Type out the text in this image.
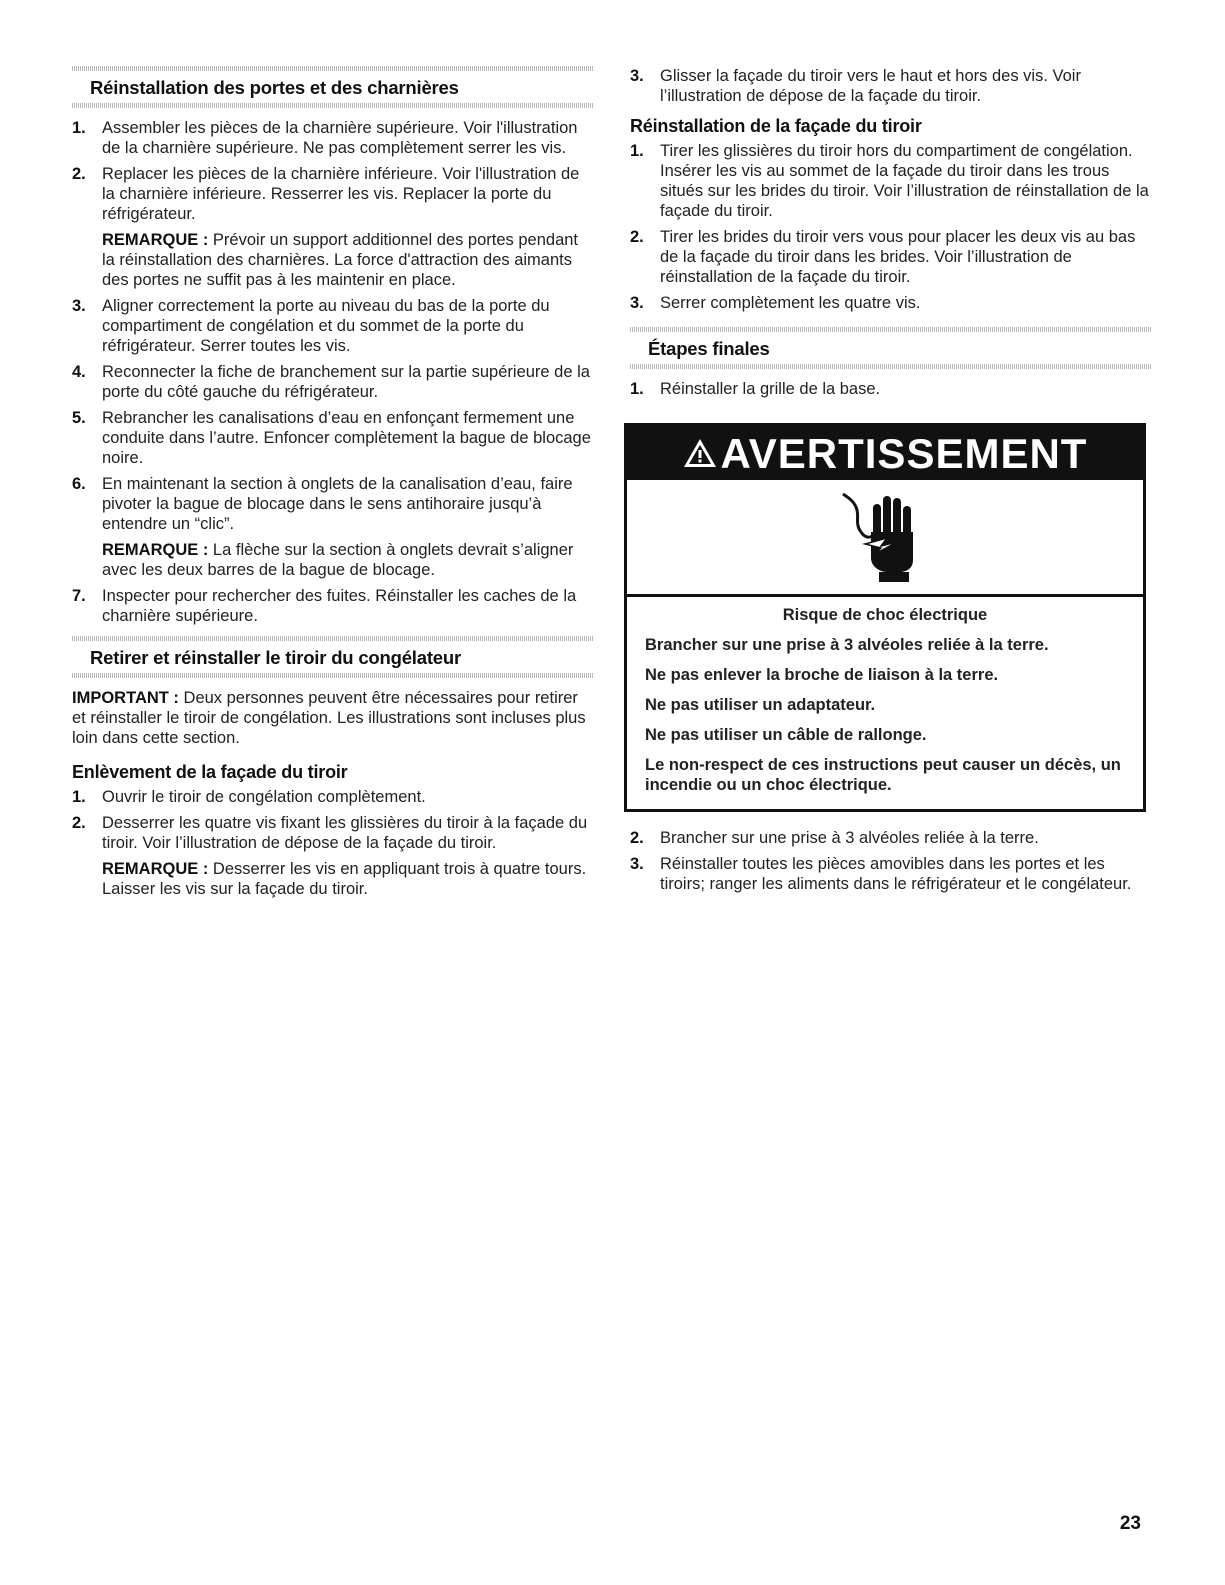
Réinstallation des portes et des charnières
1. Assembler les pièces de la charnière supérieure. Voir l'illustration de la charnière supérieure. Ne pas complètement serrer les vis.
2. Replacer les pièces de la charnière inférieure. Voir l'illustration de la charnière inférieure. Resserrer les vis. Replacer la porte du réfrigérateur.
REMARQUE : Prévoir un support additionnel des portes pendant la réinstallation des charnières. La force d'attraction des aimants des portes ne suffit pas à les maintenir en place.
3. Aligner correctement la porte au niveau du bas de la porte du compartiment de congélation et du sommet de la porte du réfrigérateur. Serrer toutes les vis.
4. Reconnecter la fiche de branchement sur la partie supérieure de la porte du côté gauche du réfrigérateur.
5. Rebrancher les canalisations d’eau en enfonçant fermement une conduite dans l’autre. Enfoncer complètement la bague de blocage noire.
6. En maintenant la section à onglets de la canalisation d’eau, faire pivoter la bague de blocage dans le sens antihoraire jusqu’à entendre un “clic”.
REMARQUE : La flèche sur la section à onglets devrait s’aligner avec les deux barres de la bague de blocage.
7. Inspecter pour rechercher des fuites. Réinstaller les caches de la charnière supérieure.
Retirer et réinstaller le tiroir du congélateur

IMPORTANT : Deux personnes peuvent être nécessaires pour retirer et réinstaller le tiroir de congélation. Les illustrations sont incluses plus loin dans cette section.

Enlèvement de la façade du tiroir
1. Ouvrir le tiroir de congélation complètement.
2. Desserrer les quatre vis fixant les glissières du tiroir à la façade du tiroir. Voir l’illustration de dépose de la façade du tiroir.
REMARQUE : Desserrer les vis en appliquant trois à quatre tours. Laisser les vis sur la façade du tiroir.
3. Glisser la façade du tiroir vers le haut et hors des vis. Voir l’illustration de dépose de la façade du tiroir.
Réinstallation de la façade du tiroir
1. Tirer les glissières du tiroir hors du compartiment de congélation. Insérer les vis au sommet de la façade du tiroir dans les trous situés sur les brides du tiroir. Voir l’illustration de réinstallation de la façade du tiroir.
2. Tirer les brides du tiroir vers vous pour placer les deux vis au bas de la façade du tiroir dans les brides. Voir l’illustration de réinstallation de la façade du tiroir.
3. Serrer complètement les quatre vis.
Étapes finales
1. Réinstaller la grille de la base.
AVERTISSEMENT
Risque de choc électrique
Brancher sur une prise à 3 alvéoles reliée à la terre.
Ne pas enlever la broche de liaison à la terre.
Ne pas utiliser un adaptateur.
Ne pas utiliser un câble de rallonge.
Le non-respect de ces instructions peut causer un décès, un incendie ou un choc électrique.
2. Brancher sur une prise à 3 alvéoles reliée à la terre.
3. Réinstaller toutes les pièces amovibles dans les portes et les tiroirs; ranger les aliments dans le réfrigérateur et le congélateur.
23
